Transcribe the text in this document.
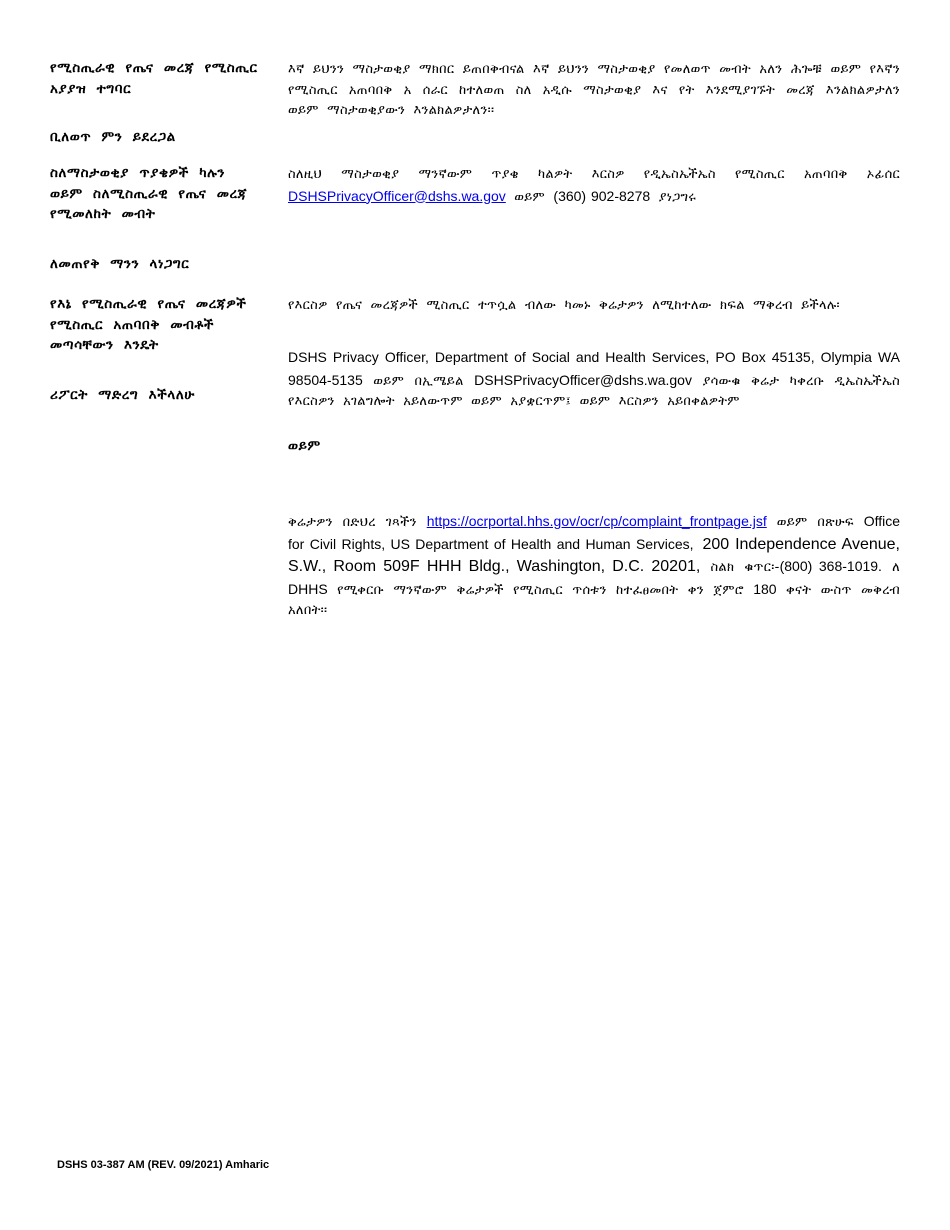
የሚስጢራዊ የጤና መረጃ የሚስጢር አያያዝ ተግባር
ቢለወጥ ምን ይደረጋል
ስለማስታወቂያ ጥያቄዎች ካሉን ወይም ስለሚስጢራዊ የጤና መረጃ የሚመለከት መብት
ለመጠየቅ ማንን ላነጋግር
የእኔ የሚስጢራዊ የጤና መረጃዎች የሚስጢር አጠባበቅ መብቶች መጣሳቸውን እንዴት
ሪፖርት ማድረግ እችላለሁ
እኛ ይህንን ማስታወቂያ ማክበር ይጠበቅብናል እኛ ይህንን ማስታወቂያ የመለወጥ መብት አለን ሕጐቹ ወይም የእኛን የሚስጢር አጠባበቅ አ ሰራር ከተለወጠ ስለ አዲሱ ማስታወቂያ እና የት እንደሚያገኙት መረጃ እንልክልዎታለን ወይም ማስታወቂያውን እንልክልዎታለን፡፡
ስለዚህ ማስታወቂያ ማንኛውም ጥያቄ ካልዎት እርስዎ የዲኤስኤችኤስ የሚስጢር አጠባበቅ ኦፊሰር DSHSPrivacyOfficer@dshs.wa.gov ወይም (360) 902-8278 ያነጋግሩ
የእርስዎ የጤና መረጃዎች ሚስጢር ተጥሷል ብለው ካመኑ ቅሬታዎን ለሚከተለው ክፍል ማቅረብ ይችላሉ፡
DSHS Privacy Officer, Department of Social and Health Services, PO Box 45135, Olympia WA 98504-5135 ወይም በኢሜይል DSHSPrivacyOfficer@dshs.wa.gov ያሳውቁ ቅሬታ ካቀረቡ ዲኤስኤችኤስ የእርስዎን አገልግሎት አይለውጥም ወይም አያቋርጥም፤ ወይም እርስዎን አይበቀልዎትም
ወይም
ቅሬታዎን በድህረ ገጻችን https://ocrportal.hhs.gov/ocr/cp/complaint_frontpage.jsf ወይም በጽሁፍ Office for Civil Rights, US Department of Health and Human Services, 200 Independence Avenue, S.W., Room 509F HHH Bldg., Washington, D.C. 20201, ስልክ ቁጥር፡-(800) 368-1019. ለ DHHS የሚቀርቡ ማንኛውም ቅሬታዎች የሚስጢር ጥሰቱን ከተፈፀመበት ቀን ጀምሮ 180 ቀናት ውስጥ መቅረብ አለበት፡፡
DSHS 03-387 AM (REV. 09/2021) Amharic
